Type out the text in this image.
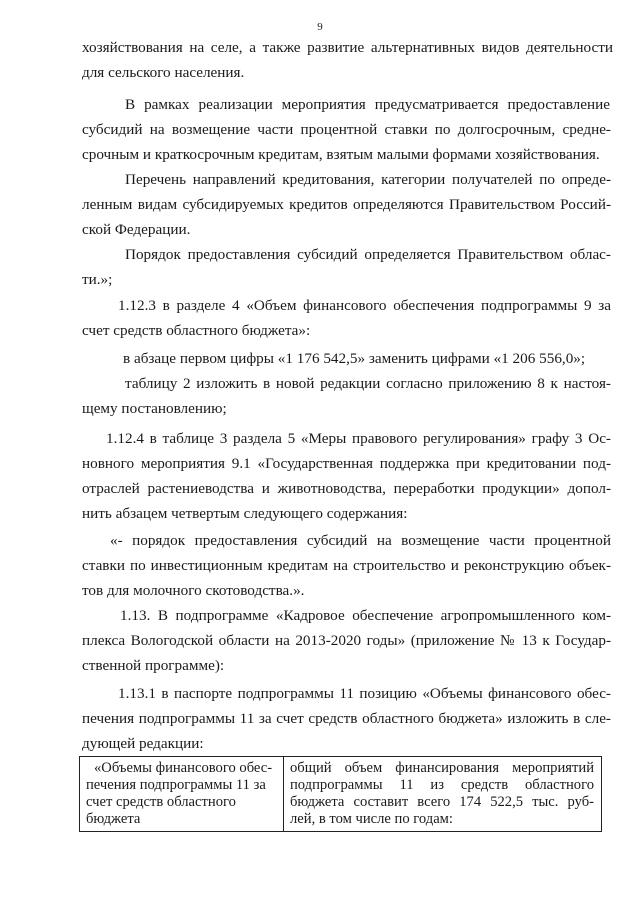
9
хозяйствования на селе, а также развитие альтернативных видов деятельности
для сельского населения.
В рамках реализации мероприятия предусматривается предоставление
субсидий на возмещение части процентной ставки по долгосрочным, средне-
срочным и краткосрочным кредитам, взятым малыми формами хозяйствования.
Перечень направлений кредитования, категории получателей по опреде-
ленным видам субсидируемых кредитов определяются Правительством Россий-
ской Федерации.
Порядок предоставления субсидий определяется Правительством облас-
ти.»;
1.12.3 в разделе 4 «Объем финансового обеспечения подпрограммы 9 за
счет средств областного бюджета»:
в абзаце первом цифры «1 176 542,5» заменить цифрами «1 206 556,0»;
таблицу 2 изложить в новой редакции согласно приложению 8 к настоя-
щему постановлению;
1.12.4 в таблице 3 раздела 5 «Меры правового регулирования» графу 3 Ос-
новного мероприятия 9.1 «Государственная поддержка при кредитовании под-
отраслей растениеводства и животноводства, переработки продукции» допол-
нить абзацем четвертым следующего содержания:
«- порядок предоставления субсидий на возмещение части процентной
ставки по инвестиционным кредитам на строительство и реконструкцию объек-
тов для молочного скотоводства.».
1.13. В подпрограмме «Кадровое обеспечение агропромышленного ком-
плекса Вологодской области на 2013-2020 годы» (приложение № 13 к Государ-
ственной программе):
1.13.1 в паспорте подпрограммы 11 позицию «Объемы финансового обес-
печения подпрограммы 11 за счет средств областного бюджета» изложить в сле-
дующей редакции:
«Объемы финансового обес-
печения подпрограммы 11 за
счет средств областного
бюджета
общий объем финансирования мероприятий
подпрограммы 11 из средств областного
бюджета составит всего 174 522,5 тыс. руб-
лей, в том числе по годам:
